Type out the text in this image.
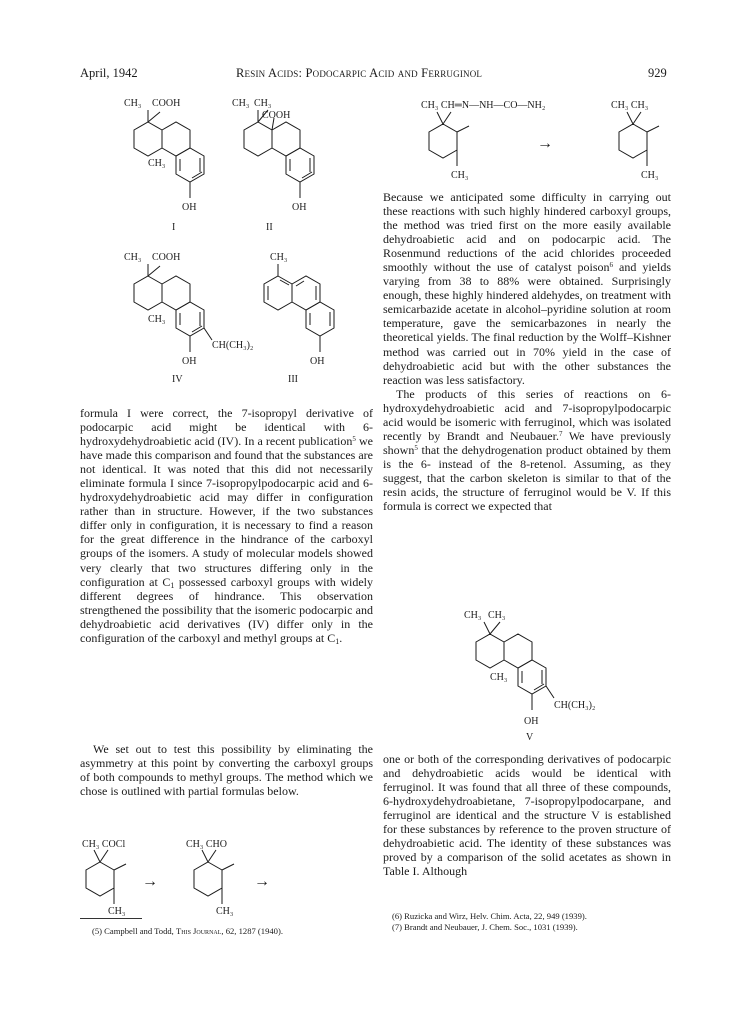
April, 1942	Resin Acids: Podocarpic Acid and Ferruginol	929
CH₃ COOH
CH₃
OH
I
CH₃ CH₃
COOH
OH
II
CH₃ COOH
CH₃
CH(CH₃)₂
OH
IV
CH₃
OH
III
CH₃ CH═N—NH—CO—NH₂
CH₃
→
CH₃ CH₃
CH₃
CH₃ CH₃
CH₃
CH(CH₃)₂
OH
V
CH₃ COCl
CH₃
→
CH₃ CHO
CH₃
→

formula I were correct, the 7-isopropyl derivative of podocarpic acid might be identical with 6-hydroxydehydroabietic acid (IV). In a recent publication$^5$ we have made this comparison and found that the substances are not identical. It was noted that this did not necessarily eliminate formula I since 7-isopropylpodocarpic acid and 6-hydroxydehydroabietic acid may differ in configuration rather than in structure. However, if the two substances differ only in configuration, it is necessary to find a reason for the great difference in the hindrance of the carboxyl groups of the isomers. A study of molecular models showed very clearly that two structures differing only in the configuration at $C_1$ possessed carboxyl groups with widely different degrees of hindrance. This observation strengthened the possibility that the isomeric podocarpic and dehydroabietic acid derivatives (IV) differ only in the configuration of the carboxyl and methyl groups at $C_1$.

We set out to test this possibility by eliminating the asymmetry at this point by converting the carboxyl groups of both compounds to methyl groups. The method which we chose is outlined with partial formulas below.

Because we anticipated some difficulty in carrying out these reactions with such highly hindered carboxyl groups, the method was tried first on the more easily available dehydroabietic acid and on podocarpic acid. The Rosenmund reductions of the acid chlorides proceeded smoothly without the use of catalyst poison$^6$ and yields varying from 38 to 88% were obtained. Surprisingly enough, these highly hindered aldehydes, on treatment with semicarbazide acetate in alcohol–pyridine solution at room temperature, gave the semicarbazones in nearly the theoretical yields. The final reduction by the Wolff–Kishner method was carried out in 70% yield in the case of dehydroabietic acid but with the other substances the reaction was less satisfactory.

The products of this series of reactions on 6-hydroxydehydroabietic acid and 7-isopropylpodocarpic acid would be isomeric with ferruginol, which was isolated recently by Brandt and Neubauer.$^7$ We have previously shown$^5$ that the dehydrogenation product obtained by them is the 6- instead of the 8-retenol. Assuming, as they suggest, that the carbon skeleton is similar to that of the resin acids, the structure of ferruginol would be V. If this formula is correct we expected that

one or both of the corresponding derivatives of podocarpic and dehydroabietic acids would be identical with ferruginol. It was found that all three of these compounds, 6-hydroxydehydroabietane, 7-isopropylpodocarpane, and ferruginol are identical and the structure V is established for these substances by reference to the proven structure of dehydroabietic acid. The identity of these substances was proved by a comparison of the solid acetates as shown in Table I. Although

(5) Campbell and Todd, This Journal, 62, 1287 (1940).
(6) Ruzicka and Wirz, Helv. Chim. Acta, 22, 949 (1939).
(7) Brandt and Neubauer, J. Chem. Soc., 1031 (1939).
